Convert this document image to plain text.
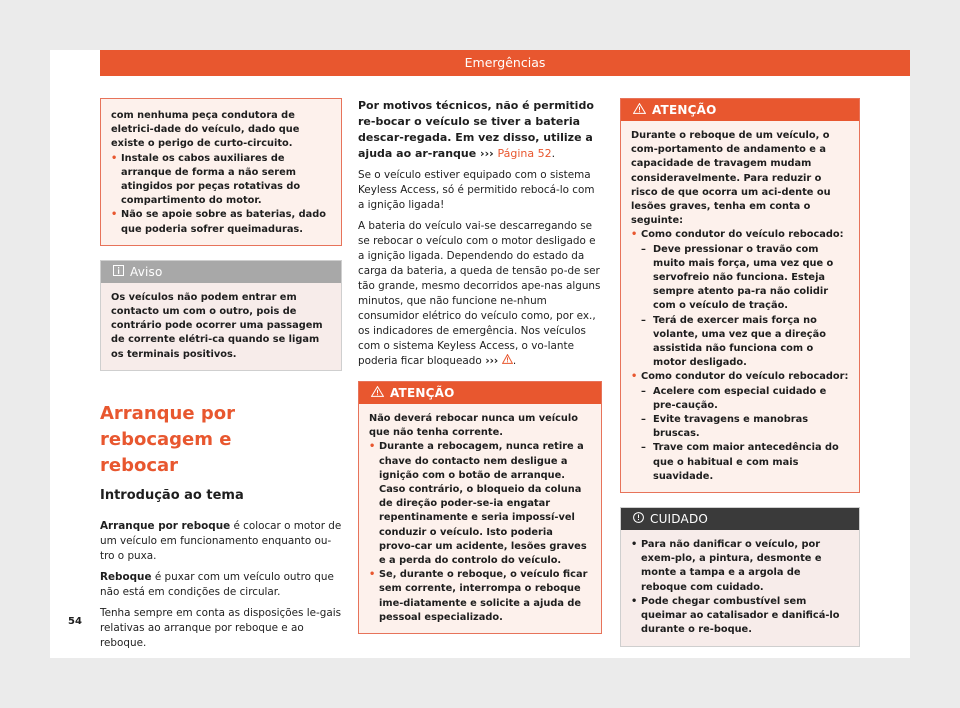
Emergências

com nenhuma peça condutora de eletrici-dade do veículo, dado que existe o perigo de curto-circuito.

• Instale os cabos auxiliares de arranque de forma a não serem atingidos por peças rotativas do compartimento do motor.

• Não se apoie sobre as baterias, dado que poderia sofrer queimaduras.

Aviso

Os veículos não podem entrar em contacto um com o outro, pois de contrário pode ocorrer uma passagem de corrente elétri-ca quando se ligam os terminais positivos.

Arranque por rebocagem e
rebocar
Introdução ao tema

Arranque por reboque é colocar o motor de um veículo em funcionamento enquanto ou-tro o puxa.

Reboque é puxar com um veículo outro que não está em condições de circular.

Tenha sempre em conta as disposições le-gais relativas ao arranque por reboque e ao reboque.

Por motivos técnicos, não é permitido re-bocar o veículo se tiver a bateria descar-regada. Em vez disso, utilize a ajuda ao ar-ranque ››› Página 52.

Se o veículo estiver equipado com o sistema Keyless Access, só é permitido rebocá-lo com a ignição ligada!

A bateria do veículo vai-se descarregando se se rebocar o veículo com o motor desligado e a ignição ligada. Dependendo do estado da carga da bateria, a queda de tensão po-de ser tão grande, mesmo decorridos ape-nas alguns minutos, que não funcione ne-nhum consumidor elétrico do veículo como, por ex., os indicadores de emergência. Nos veículos com o sistema Keyless Access, o vo-lante poderia ficar bloqueado ››› .

ATENÇÃO

Não deverá rebocar nunca um veículo que não tenha corrente.

• Durante a rebocagem, nunca retire a chave do contacto nem desligue a ignição com o botão de arranque. Caso contrário, o bloqueio da coluna de direção poder-se-ia engatar repentinamente e seria impossí-vel conduzir o veículo. Isto poderia provo-car um acidente, lesões graves e a perda do controlo do veículo.

• Se, durante o reboque, o veículo ficar sem corrente, interrompa o reboque ime-diatamente e solicite a ajuda de pessoal especializado.

ATENÇÃO

Durante o reboque de um veículo, o com-portamento de andamento e a capacidade de travagem mudam consideravelmente. Para reduzir o risco de que ocorra um aci-dente ou lesões graves, tenha em conta o seguinte:

• Como condutor do veículo rebocado:

– Deve pressionar o travão com muito mais força, uma vez que o servofreio não funciona. Esteja sempre atento pa-ra não colidir com o veículo de tração.

– Terá de exercer mais força no volante, uma vez que a direção assistida não funciona com o motor desligado.

• Como condutor do veículo rebocador:

– Acelere com especial cuidado e pre-caução.

– Evite travagens e manobras bruscas.

– Trave com maior antecedência do que o habitual e com mais suavidade.

CUIDADO

• Para não danificar o veículo, por exem-plo, a pintura, desmonte e monte a tampa e a argola de reboque com cuidado.

• Pode chegar combustível sem queimar ao catalisador e danificá-lo durante o re-boque.

54
